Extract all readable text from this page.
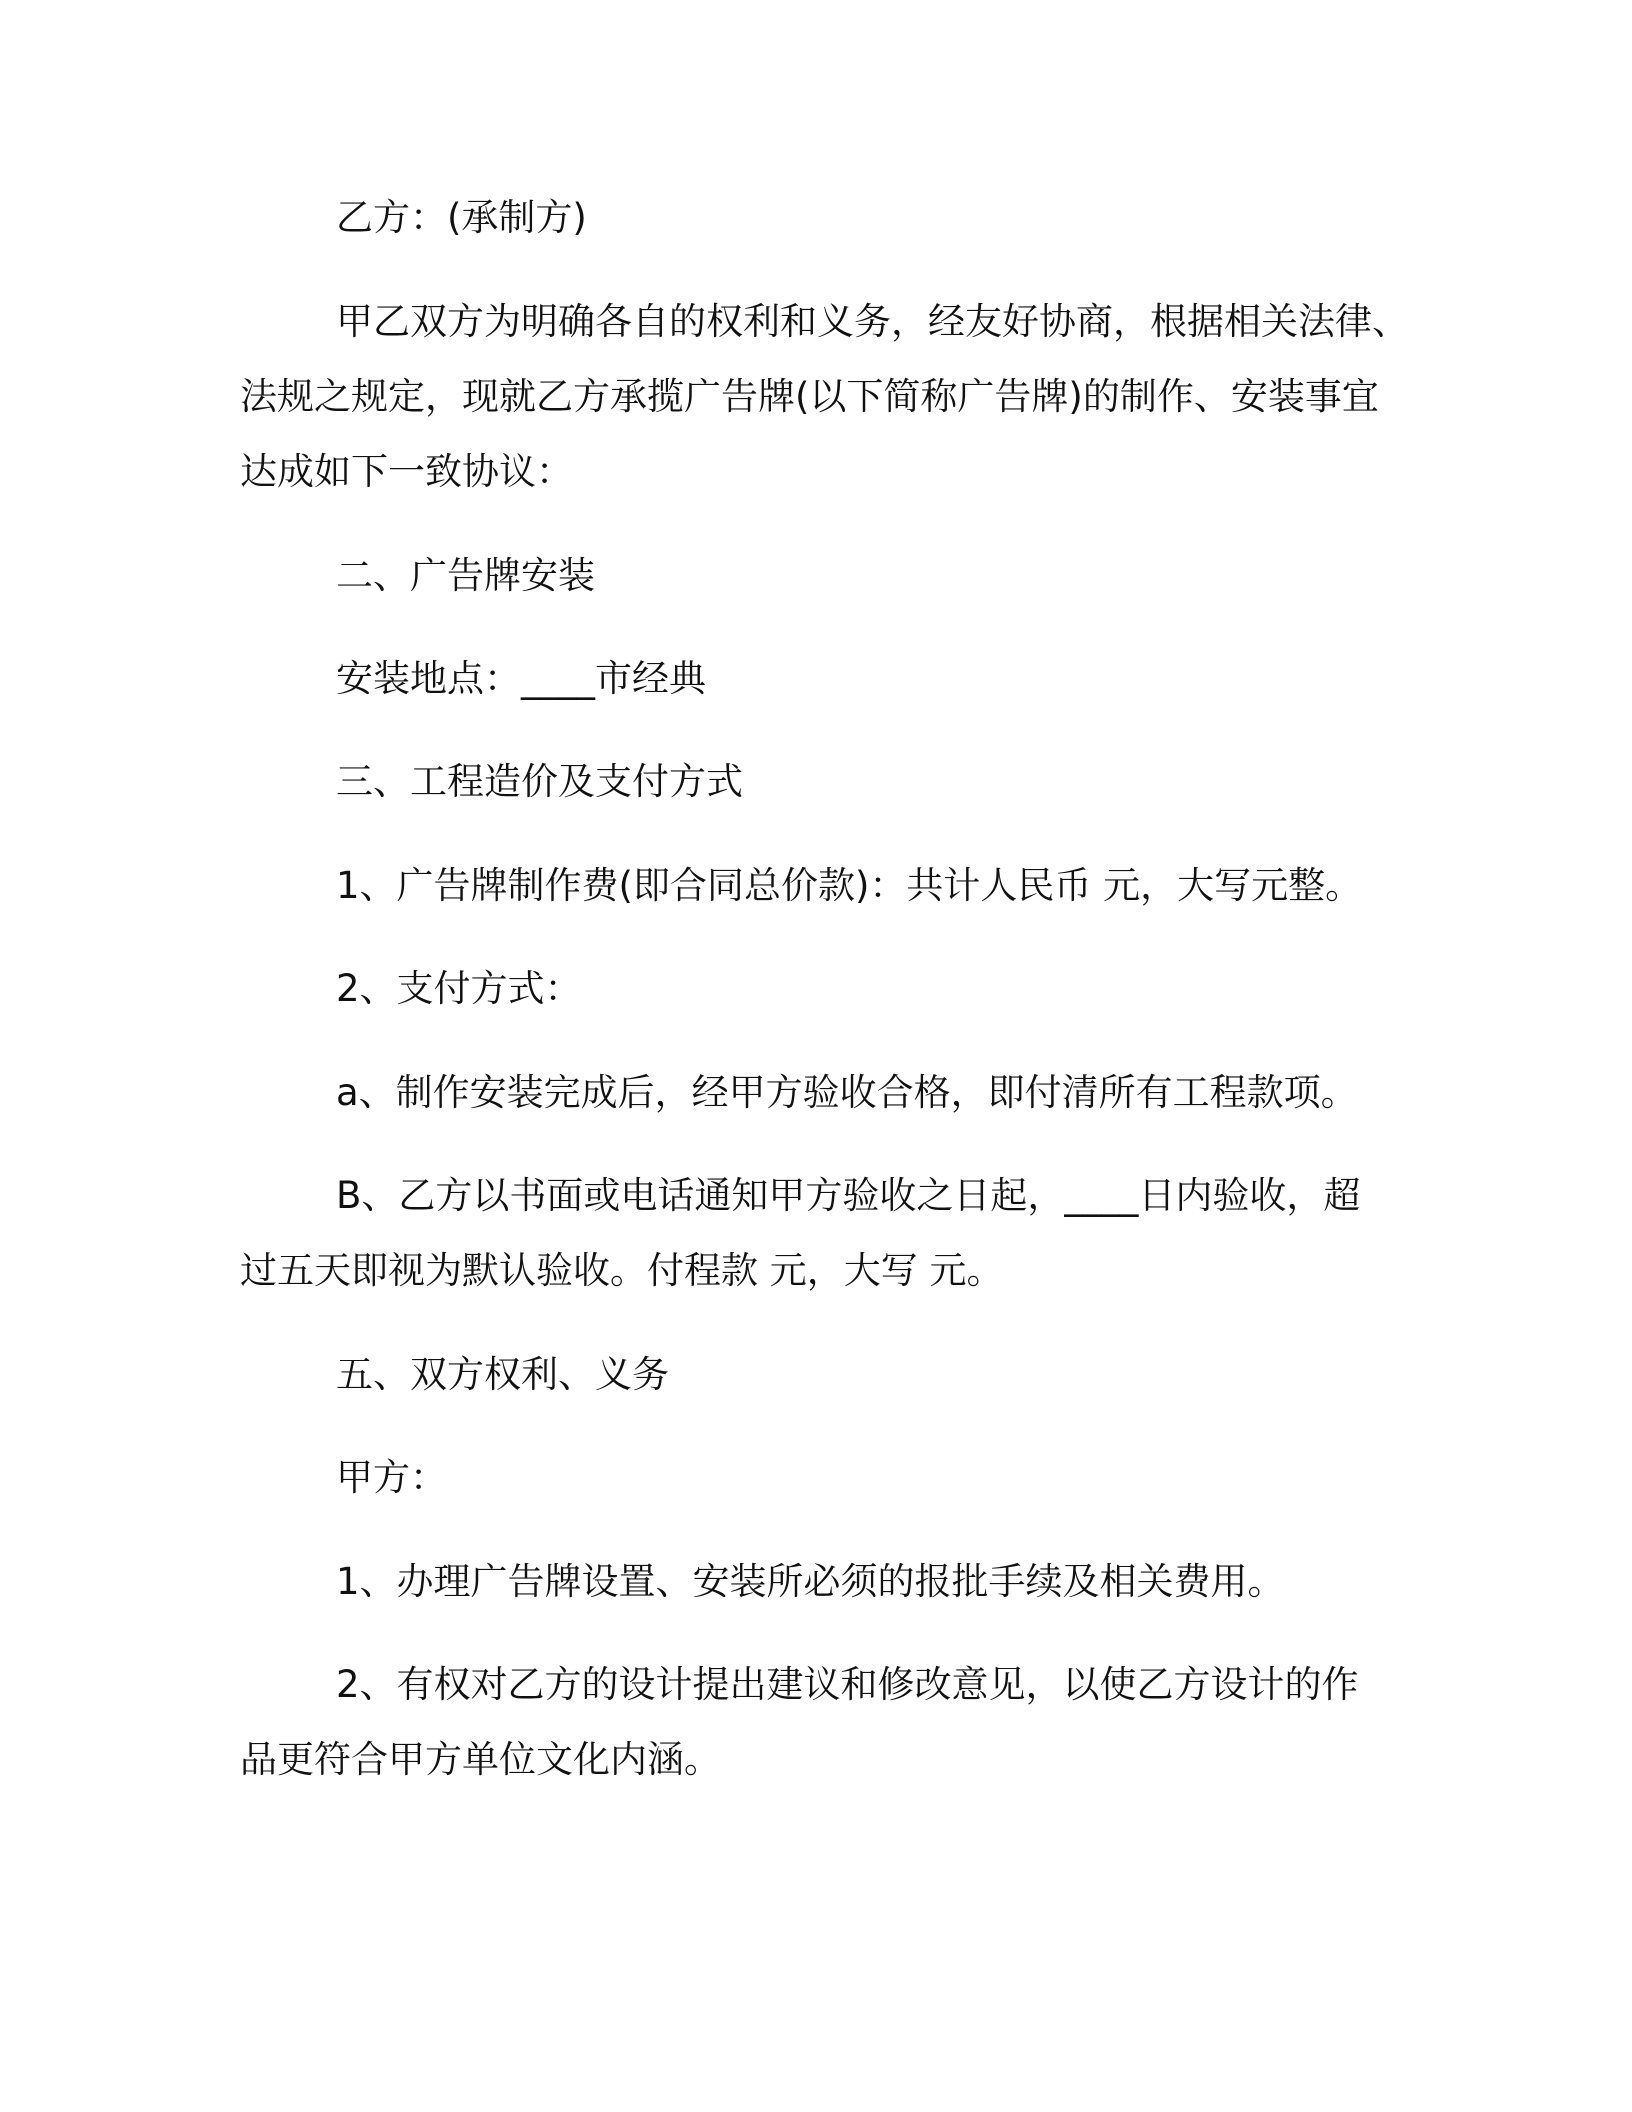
乙方：(承制方)
甲乙双方为明确各自的权利和义务，经友好协商，根据相关法律、
法规之规定，现就乙方承揽广告牌(以下简称广告牌)的制作、安装事宜
达成如下一致协议：
二、广告牌安装
安装地点：____市经典
三、工程造价及支付方式
1、广告牌制作费(即合同总价款)：共计人民币 元，大写元整。
2、支付方式：
a、制作安装完成后，经甲方验收合格，即付清所有工程款项。
B、乙方以书面或电话通知甲方验收之日起，____日内验收，超
过五天即视为默认验收。付程款 元，大写 元。
五、双方权利、义务
甲方：
1、办理广告牌设置、安装所必须的报批手续及相关费用。
2、有权对乙方的设计提出建议和修改意见，以使乙方设计的作
品更符合甲方单位文化内涵。
